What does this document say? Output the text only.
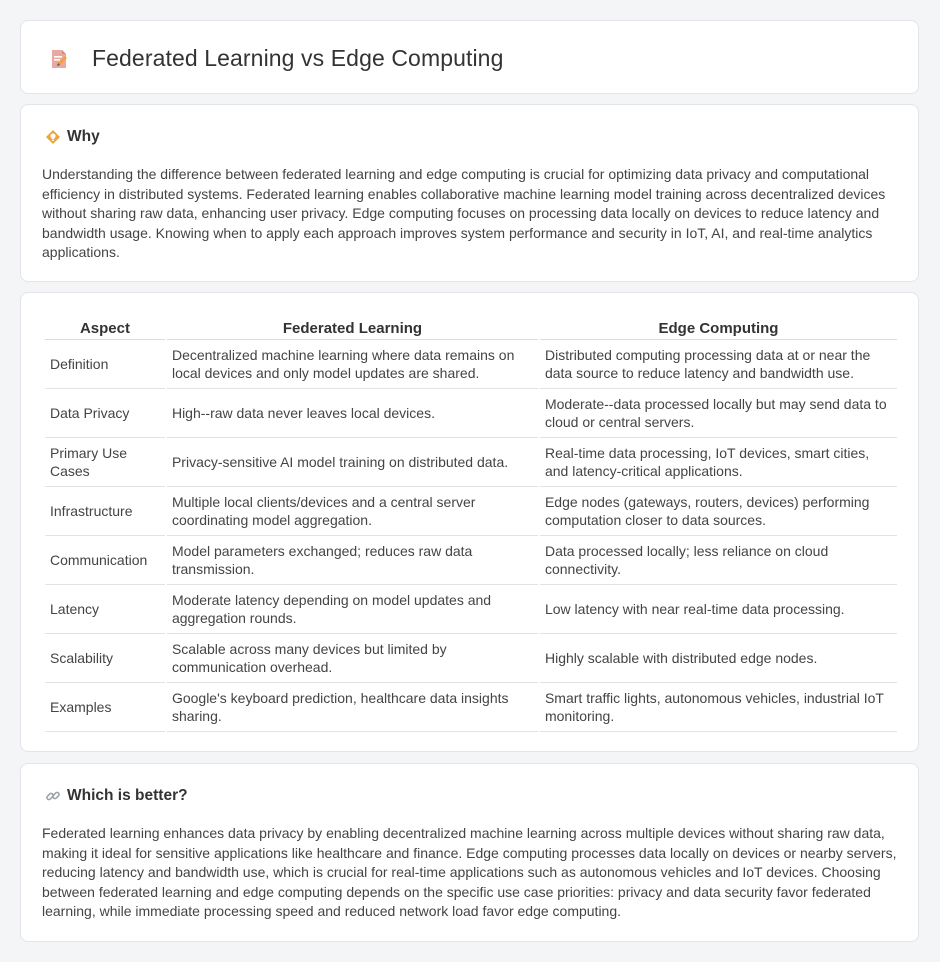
Federated Learning vs Edge Computing
Why

Understanding the difference between federated learning and edge computing is crucial for optimizing data privacy and computational efficiency in distributed systems. Federated learning enables collaborative machine learning model training across decentralized devices without sharing raw data, enhancing user privacy. Edge computing focuses on processing data locally on devices to reduce latency and bandwidth usage. Knowing when to apply each approach improves system performance and security in IoT, AI, and real-time analytics applications.

Aspect	Federated Learning	Edge Computing
Definition	Decentralized machine learning where data remains on local devices and only model updates are shared.	Distributed computing processing data at or near the data source to reduce latency and bandwidth use.
Data Privacy	High--raw data never leaves local devices.	Moderate--data processed locally but may send data to cloud or central servers.
Primary Use Cases	Privacy-sensitive AI model training on distributed data.	Real-time data processing, IoT devices, smart cities, and latency-critical applications.
Infrastructure	Multiple local clients/devices and a central server coordinating model aggregation.	Edge nodes (gateways, routers, devices) performing computation closer to data sources.
Communication	Model parameters exchanged; reduces raw data transmission.	Data processed locally; less reliance on cloud connectivity.
Latency	Moderate latency depending on model updates and aggregation rounds.	Low latency with near real-time data processing.
Scalability	Scalable across many devices but limited by communication overhead.	Highly scalable with distributed edge nodes.
Examples	Google's keyboard prediction, healthcare data insights sharing.	Smart traffic lights, autonomous vehicles, industrial IoT monitoring.
Which is better?

Federated learning enhances data privacy by enabling decentralized machine learning across multiple devices without sharing raw data, making it ideal for sensitive applications like healthcare and finance. Edge computing processes data locally on devices or nearby servers, reducing latency and bandwidth use, which is crucial for real-time applications such as autonomous vehicles and IoT devices. Choosing between federated learning and edge computing depends on the specific use case priorities: privacy and data security favor federated learning, while immediate processing speed and reduced network load favor edge computing.
